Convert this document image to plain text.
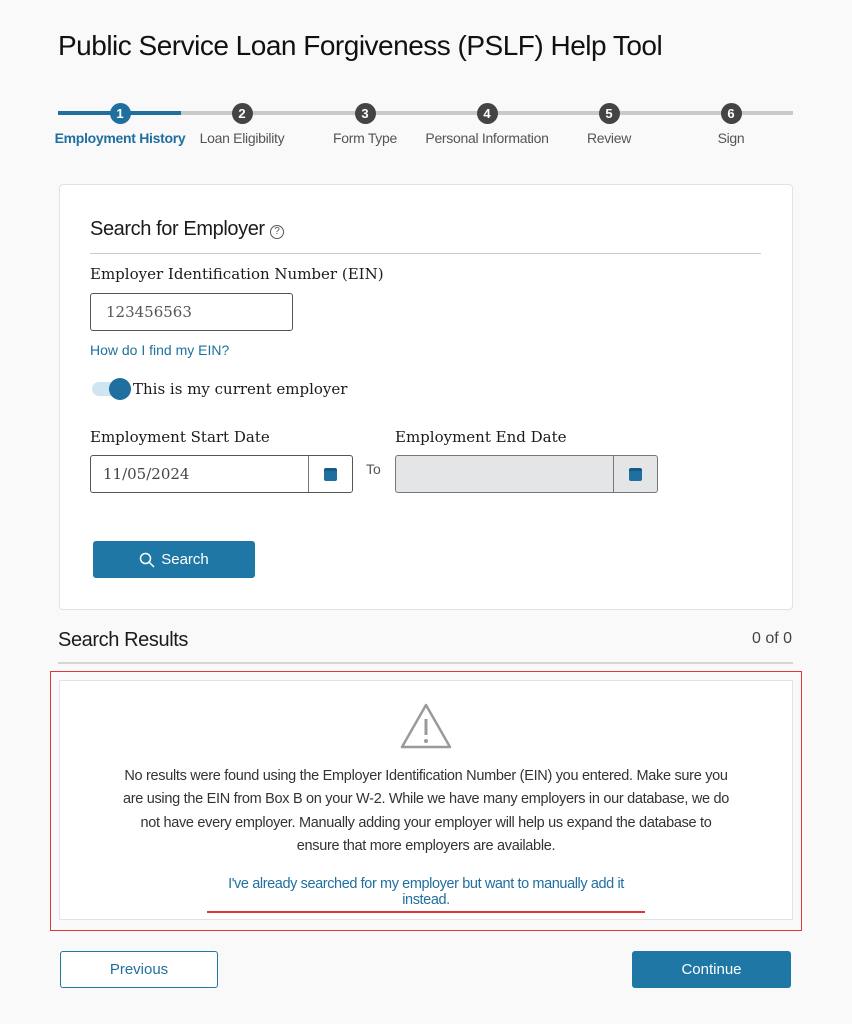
Public Service Loan Forgiveness (PSLF) Help Tool
1
Employment History
2
Loan Eligibility
3
Form Type
4
Personal Information
5
Review
6
Sign
Search for Employer ?
Employer Identification Number (EIN)
123456563
How do I find my EIN?
This is my current employer
Employment Start Date
11/05/2024	To
Employment End Date
Search
Search Results	0 of 0
No results were found using the Employer Identification Number (EIN) you entered. Make sure you are using the EIN from Box B on your W-2. While we have many employers in our database, we do not have every employer. Manually adding your employer will help us expand the database to ensure that more employers are available.
I've already searched for my employer but want to manually add it instead.
Previous	Continue
